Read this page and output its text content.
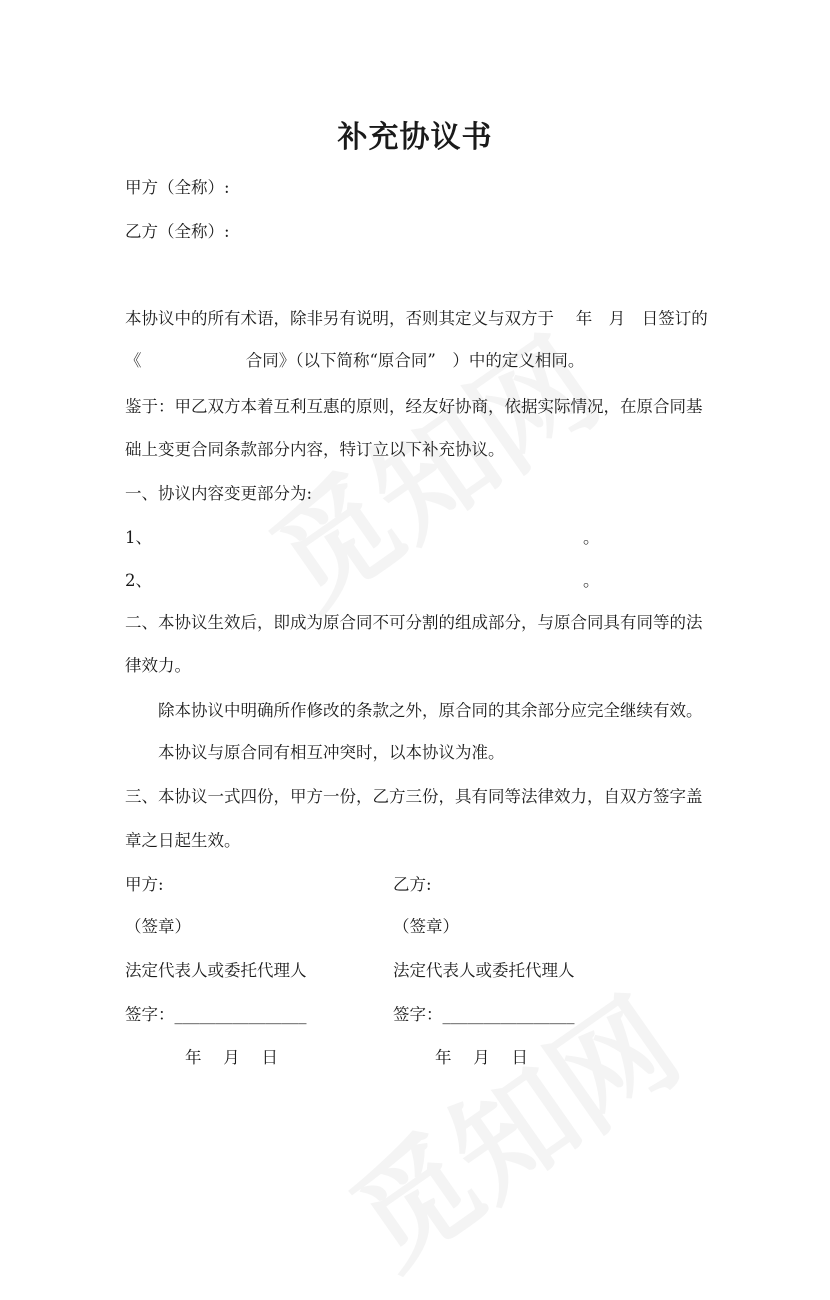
补充协议书
甲方（全称）:
乙方（全称）:
本协议中的所有术语，除非另有说明，否则其定义与双方于　 年　月　日签订的
《　　　　　　 合同》（以下简称“原合同”　）中的定义相同。
鉴于：甲乙双方本着互利互惠的原则，经友好协商，依据实际情况，在原合同基
础上变更合同条款部分内容，特订立以下补充协议。
一、协议内容变更部分为:
1、	。
2、	。
二、本协议生效后，即成为原合同不可分割的组成部分，与原合同具有同等的法
律效力。
除本协议中明确所作修改的条款之外，原合同的其余部分应完全继续有效。
本协议与原合同有相互冲突时，以本协议为准。
三、本协议一式四份，甲方一份，乙方三份，具有同等法律效力，自双方签字盖
章之日起生效。
甲方:	乙方:
（签章）	（签章）
法定代表人或委托代理人	法定代表人或委托代理人
签字：________________	签字：________________
年　 月　 日	年　 月　 日
